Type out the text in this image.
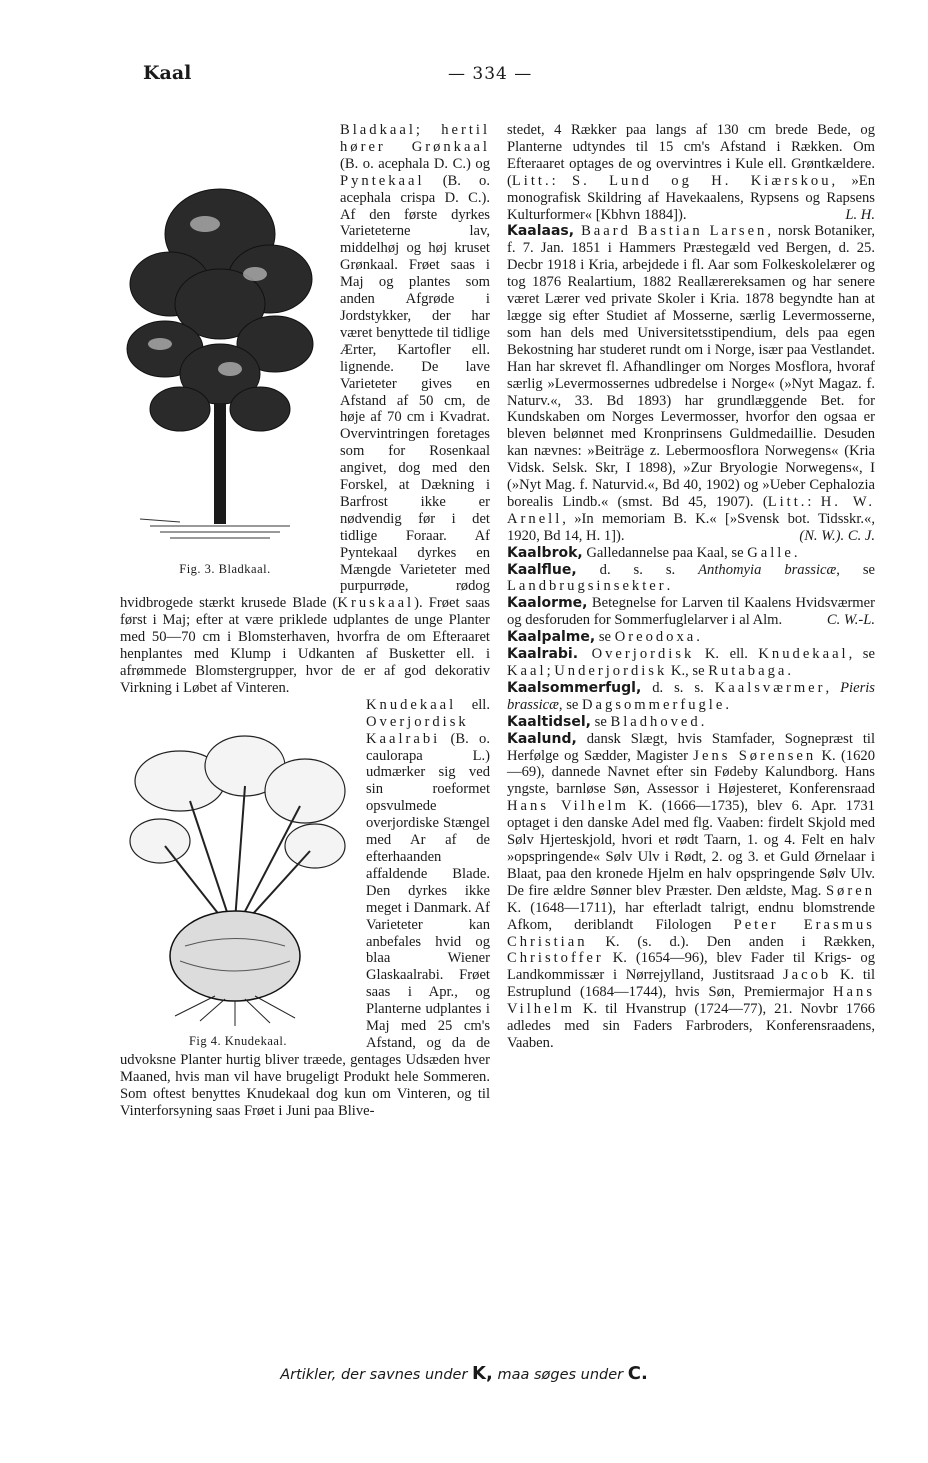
Kaal	— 334 —
Fig. 3. Bladkaal.

Bladkaal; hertil hører Grønkaal (B. o. acephala D. C.) og Pyntekaal (B. o. acephala crispa D. C.). Af den første dyrkes Varieteterne lav, middelhøj og høj kruset Grønkaal. Frøet saas i Maj og plantes som anden Afgrøde i Jordstykker, der har været benyttede til tidlige Ærter, Kartofler ell. lignende. De lave Varieteter gives en Afstand af 50 cm, de høje af 70 cm i Kvadrat. Overvintringen foretages som for Rosenkaal angivet, dog med den Forskel, at Dækning i Barfrost ikke er nødvendig før i det tidlige Foraar. Af Pyntekaal dyrkes en Mængde Varieteter med purpurrøde, rødog hvidbrogede stærkt krusede Blade (Kruskaal). Frøet saas først i Maj; efter at være priklede udplantes de unge Planter med 50—70 cm i Blomsterhaven, hvorfra de om Efteraaret henplantes med Klump i Udkanten af Busketter ell. i afrømmede Blomstergrupper, hvor de er af god dekorativ Virkning i Løbet af Vinteren.

Fig 4. Knudekaal.

Knudekaal ell. Overjordisk Kaalrabi (B. o. caulorapa L.) udmærker sig ved sin roeformet opsvulmede overjordiske Stængel med Ar af de efterhaanden affaldende Blade. Den dyrkes ikke meget i Danmark. Af Varieteter kan anbefales hvid og blaa Wiener Glaskaalrabi. Frøet saas i Apr., og Planterne udplantes i Maj med 25 cm's Afstand, og da de udvoksne Planter hurtig bliver træede, gentages Udsæden hver Maaned, hvis man vil have brugeligt Produkt hele Sommeren. Som oftest benyttes Knudekaal dog kun om Vinteren, og til Vinterforsyning saas Frøet i Juni paa Blive-

stedet, 4 Rækker paa langs af 130 cm brede Bede, og Planterne udtyndes til 15 cm's Afstand i Rækken. Om Efteraaret optages de og overvintres i Kule ell. Grøntkældere. (Litt.: S. Lund og H. Kiærskou, »En monografisk Skildring af Havekaalens, Rypsens og Rapsens Kulturformer« [Kbhvn 1884]).	L. H.

Kaalaas, Baard Bastian Larsen, norsk Botaniker, f. 7. Jan. 1851 i Hammers Præstegæld ved Bergen, d. 25. Decbr 1918 i Kria, arbejdede i fl. Aar som Folkeskolelærer og tog 1876 Realartium, 1882 Reallærereksamen og har senere været Lærer ved private Skoler i Kria. 1878 begyndte han at lægge sig efter Studiet af Mosserne, særlig Levermosserne, som han dels med Universitetsstipendium, dels paa egen Bekostning har studeret rundt om i Norge, især paa Vestlandet. Han har skrevet fl. Afhandlinger om Norges Mosflora, hvoraf særlig »Levermossernes udbredelse i Norge« (»Nyt Magaz. f. Naturv.«, 33. Bd 1893) har grundlæggende Bet. for Kundskaben om Norges Levermosser, hvorfor den ogsaa er bleven belønnet med Kronprinsens Guldmedaillie. Desuden kan nævnes: »Beiträge z. Lebermoosflora Norwegens« (Kria Vidsk. Selsk. Skr, I 1898), »Zur Bryologie Norwegens«, I (»Nyt Mag. f. Naturvid.«, Bd 40, 1902) og »Ueber Cephalozia borealis Lindb.« (smst. Bd 45, 1907). (Litt.: H. W. Arnell, »In memoriam B. K.« [»Svensk bot. Tidsskr.«, 1920, Bd 14, H. 1]).	(N. W.). C. J.

Kaalbrok, Galledannelse paa Kaal, se Galle.

Kaalflue, d. s. s. Anthomyia brassicæ, se Landbrugsinsekter.

Kaalorme, Betegnelse for Larven til Kaalens Hvidsværmer og desforuden for Sommerfuglelarver i al Alm.	C. W.-L.

Kaalpalme, se Oreodoxa.

Kaalrabi. Overjordisk K. ell. Knudekaal, se Kaal; Underjordisk K., se Rutabaga.

Kaalsommerfugl, d. s. s. Kaalsværmer, Pieris brassicæ, se Dagsommerfugle.

Kaaltidsel, se Bladhoved.

Kaalund, dansk Slægt, hvis Stamfader, Sognepræst til Herfølge og Sædder, Magister Jens Sørensen K. (1620—69), dannede Navnet efter sin Fødeby Kalundborg. Hans yngste, barnløse Søn, Assessor i Højesteret, Konferensraad Hans Vilhelm K. (1666—1735), blev 6. Apr. 1731 optaget i den danske Adel med flg. Vaaben: firdelt Skjold med Sølv Hjerteskjold, hvori et rødt Taarn, 1. og 4. Felt en halv »opspringende« Sølv Ulv i Rødt, 2. og 3. et Guld Ørnelaar i Blaat, paa den kronede Hjelm en halv opspringende Sølv Ulv. De fire ældre Sønner blev Præster. Den ældste, Mag. Søren K. (1648—1711), har efterladt talrigt, endnu blomstrende Afkom, deriblandt Filologen Peter Erasmus Christian K. (s. d.). Den anden i Rækken, Christoffer K. (1654—96), blev Fader til Krigs- og Landkommissær i Nørrejylland, Justitsraad Jacob K. til Estruplund (1684—1744), hvis Søn, Premiermajor Hans Vilhelm K. til Hvanstrup (1724—77), 21. Novbr 1766 adledes med sin Faders Farbroders, Konferensraadens, Vaaben.

Artikler, der savnes under K, maa søges under C.
